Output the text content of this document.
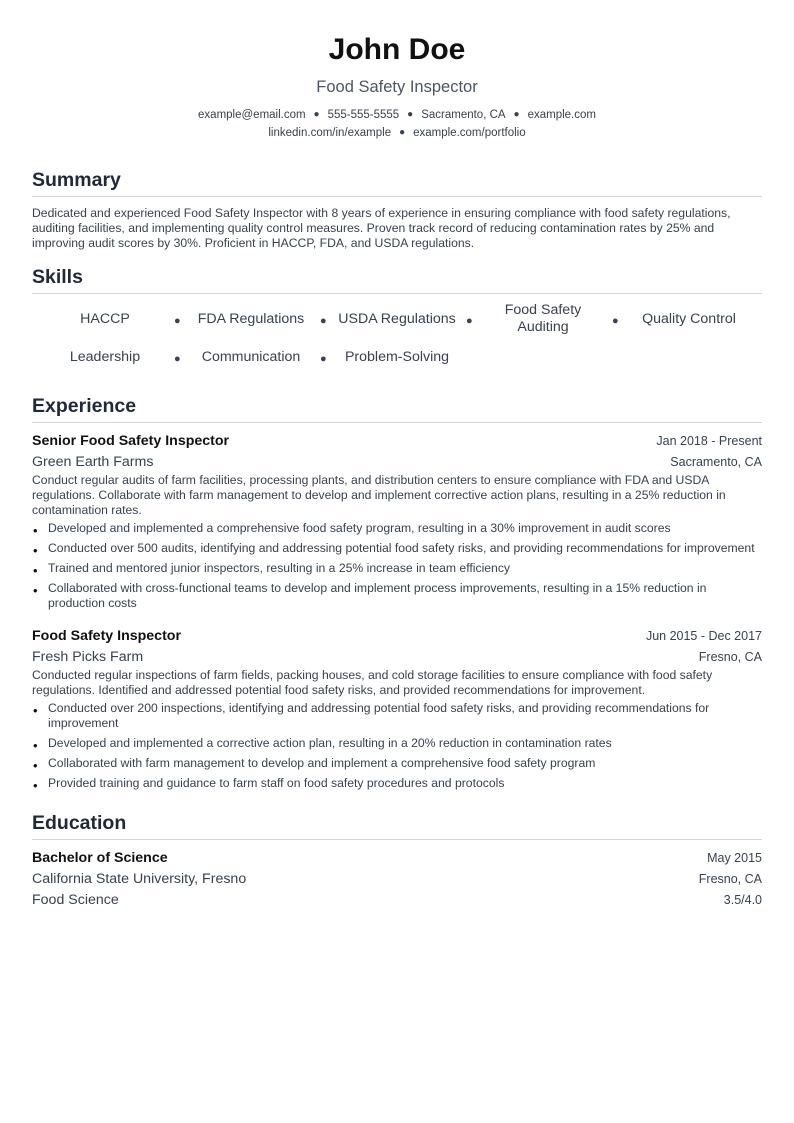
John Doe
Food Safety Inspector
example@email.com ● 555-555-5555 ● Sacramento, CA ● example.com
linkedin.com/in/example ● example.com/portfolio
Summary
Dedicated and experienced Food Safety Inspector with 8 years of experience in ensuring compliance with food safety regulations, auditing facilities, and implementing quality control measures. Proven track record of reducing contamination rates by 25% and improving audit scores by 30%. Proficient in HACCP, FDA, and USDA regulations.
Skills
HACCP	● FDA Regulations ● USDA Regulations ●
Food Safety Auditing	● Quality Control
Leadership	● Communication ● Problem-Solving
Experience
Senior Food Safety Inspector	Jan 2018 - Present
Green Earth Farms	Sacramento, CA
Conduct regular audits of farm facilities, processing plants, and distribution centers to ensure compliance with FDA and USDA regulations. Collaborate with farm management to develop and implement corrective action plans, resulting in a 25% reduction in contamination rates.
• Developed and implemented a comprehensive food safety program, resulting in a 30% improvement in audit scores
• Conducted over 500 audits, identifying and addressing potential food safety risks, and providing recommendations for improvement
• Trained and mentored junior inspectors, resulting in a 25% increase in team efficiency
• Collaborated with cross-functional teams to develop and implement process improvements, resulting in a 15% reduction in production costs
Food Safety Inspector	Jun 2015 - Dec 2017
Fresh Picks Farm	Fresno, CA
Conducted regular inspections of farm fields, packing houses, and cold storage facilities to ensure compliance with food safety regulations. Identified and addressed potential food safety risks, and provided recommendations for improvement.
• Conducted over 200 inspections, identifying and addressing potential food safety risks, and providing recommendations for improvement
• Developed and implemented a corrective action plan, resulting in a 20% reduction in contamination rates
• Collaborated with farm management to develop and implement a comprehensive food safety program
• Provided training and guidance to farm staff on food safety procedures and protocols
Education
Bachelor of Science	May 2015
California State University, Fresno	Fresno, CA
Food Science	3.5/4.0
